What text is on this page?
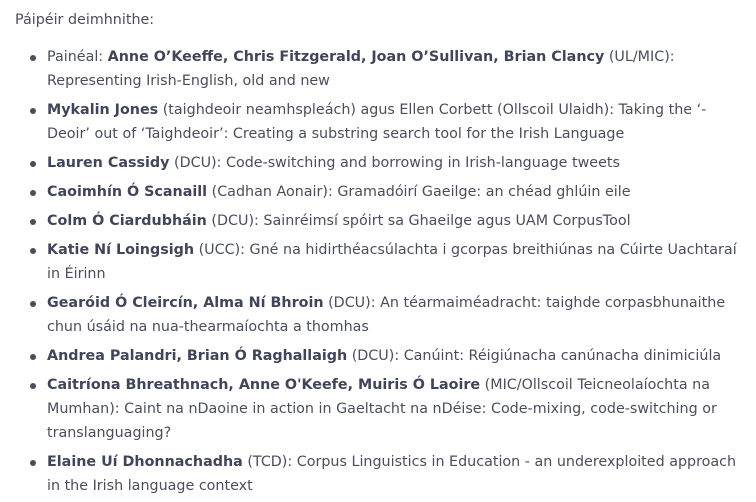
Páipéir deimhnithe:

Painéal: Anne O’Keeffe, Chris Fitzgerald, Joan O’Sullivan, Brian Clancy (UL/MIC): Representing Irish-English, old and new
Mykalin Jones (taighdeoir neamhspleách) agus Ellen Corbett (Ollscoil Ulaidh): Taking the ‘-Deoir’ out of ‘Taighdeoir’: Creating a substring search tool for the Irish Language
Lauren Cassidy (DCU): Code-switching and borrowing in Irish-language tweets
Caoimhín Ó Scanaill (Cadhan Aonair): Gramadóirí Gaeilge: an chéad ghlúin eile
Colm Ó Ciardubháin (DCU): Sainréimsí spóirt sa Ghaeilge agus UAM CorpusTool
Katie Ní Loingsigh (UCC): Gné na hidirthéacsúlachta i gcorpas breithiúnas na Cúirte Uachtaraí in Éirinn
Gearóid Ó Cleircín, Alma Ní Bhroin (DCU): An téarmaiméadracht: taighde corpasbhunaithe chun úsáid na nua-thearmaíochta a thomhas
Andrea Palandri, Brian Ó Raghallaigh (DCU): Canúint: Réigiúnacha canúnacha dinimiciúla
Caitríona Bhreathnach, Anne O'Keefe, Muiris Ó Laoire (MIC/Ollscoil Teicneolaíochta na Mumhan): Caint na nDaoine in action in Gaeltacht na nDéise: Code-mixing, code-switching or translanguaging?
Elaine Uí Dhonnachadha (TCD): Corpus Linguistics in Education - an underexploited approach in the Irish language context
